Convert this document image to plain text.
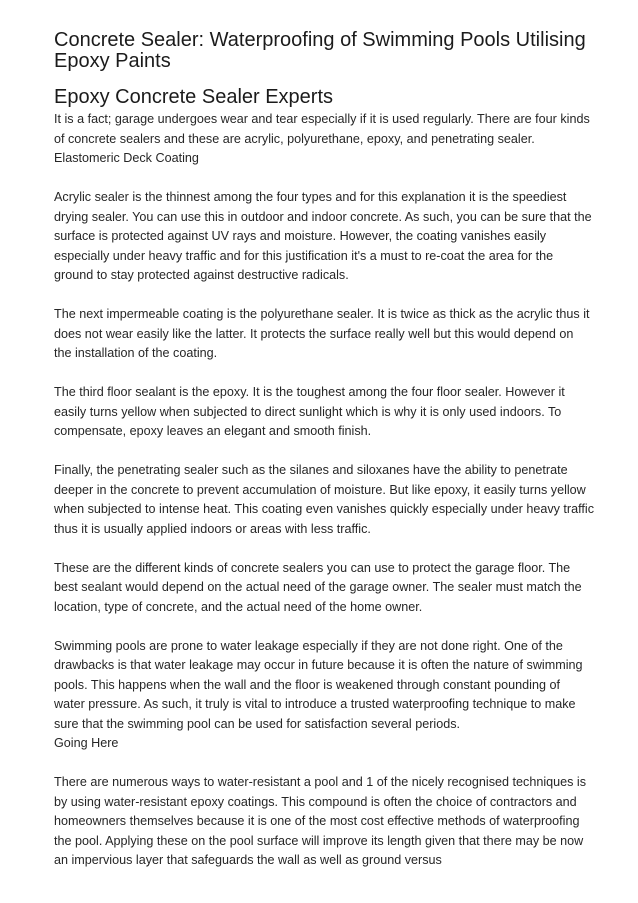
Concrete Sealer: Waterproofing of Swimming Pools Utilising Epoxy Paints
Epoxy Concrete Sealer Experts
It is a fact; garage undergoes wear and tear especially if it is used regularly. There are four kinds of concrete sealers and these are acrylic, polyurethane, epoxy, and penetrating sealer.
Elastomeric Deck Coating

Acrylic sealer is the thinnest among the four types and for this explanation it is the speediest drying sealer. You can use this in outdoor and indoor concrete. As such, you can be sure that the surface is protected against UV rays and moisture. However, the coating vanishes easily especially under heavy traffic and for this justification it's a must to re-coat the area for the ground to stay protected against destructive radicals.

The next impermeable coating is the polyurethane sealer. It is twice as thick as the acrylic thus it does not wear easily like the latter. It protects the surface really well but this would depend on the installation of the coating.

The third floor sealant is the epoxy. It is the toughest among the four floor sealer. However it easily turns yellow when subjected to direct sunlight which is why it is only used indoors. To compensate, epoxy leaves an elegant and smooth finish.

Finally, the penetrating sealer such as the silanes and siloxanes have the ability to penetrate deeper in the concrete to prevent accumulation of moisture. But like epoxy, it easily turns yellow when subjected to intense heat. This coating even vanishes quickly especially under heavy traffic thus it is usually applied indoors or areas with less traffic.

These are the different kinds of concrete sealers you can use to protect the garage floor. The best sealant would depend on the actual need of the garage owner. The sealer must match the location, type of concrete, and the actual need of the home owner.

Swimming pools are prone to water leakage especially if they are not done right. One of the drawbacks is that water leakage may occur in future because it is often the nature of swimming pools. This happens when the wall and the floor is weakened through constant pounding of water pressure. As such, it truly is vital to introduce a trusted waterproofing technique to make sure that the swimming pool can be used for satisfaction several periods.
Going Here

There are numerous ways to water-resistant a pool and 1 of the nicely recognised techniques is by using water-resistant epoxy coatings. This compound is often the choice of contractors and homeowners themselves because it is one of the most cost effective methods of waterproofing the pool. Applying these on the pool surface will improve its length given that there may be now an impervious layer that safeguards the wall as well as ground versus
